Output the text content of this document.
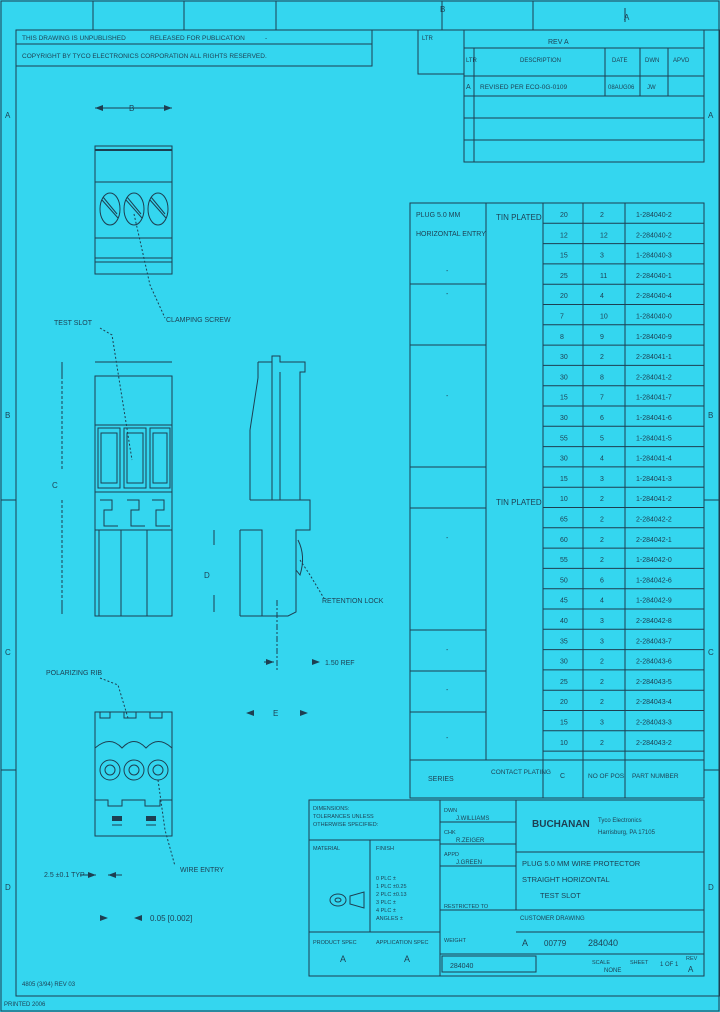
B
A
A
B
C
D
A
B
C
D
THIS DRAWING IS UNPUBLISHED	RELEASED FOR PUBLICATION	-
COPYRIGHT BY TYCO ELECTRONICS CORPORATION ALL RIGHTS RESERVED.
LTR	REV A
LTR	DESCRIPTION	DATE	DWN APVD
A REVISED PER ECO-0G-0109	08AUG06 JW
B
CLAMPING SCREW
TEST SLOT
C
RETENTION LOCK
D
1.50 REF
POLARIZING RIB
WIRE ENTRY
E
2.5 ±0.1 TYP
0.05 [0.002]
PLUG 5.0 MM
HORIZONTAL ENTRY
TIN PLATED
TIN PLATED
-
-
-
-
-
-
-
20	2	1-284040-2
12	12	2-284040-2
15	3	1-284040-3
25	11	2-284040-1
20	4	2-284040-4
7	10	1-284040-0
8	9	1-284040-9
30	2	2-284041-1
30	8	2-284041-2
15	7	1-284041-7
30	6	1-284041-6
55	5	1-284041-5
30	4	1-284041-4
15	3	1-284041-3
10	2	1-284041-2
65	2	2-284042-2
60	2	2-284042-1
55	2	1-284042-0
50	6	1-284042-6
45	4	1-284042-9
40	3	2-284042-8
35	3	2-284043-7
30	2	2-284043-6
25	2	2-284043-5
20	2	2-284043-4
15	3	2-284043-3
10	2	2-284043-2
SERIES
CONTACT PLATING
C	NO OF POS PART NUMBER
DIMENSIONS:
TOLERANCES UNLESS
OTHERWISE SPECIFIED:
MATERIAL	FINISH
0 PLC ±
1 PLC ±0.25
2 PLC ±0.13
3 PLC ±
4 PLC ±
ANGLES ±
PRODUCT SPEC	APPLICATION SPEC
A	A
DWN
J.WILLIAMS
CHK
R.ZEIGER
APPD
J.GREEN
RESTRICTED TO
WEIGHT
BUCHANAN Tyco Electronics
Harrisburg, PA 17105
PLUG 5.0 MM WIRE PROTECTOR
STRAIGHT HORIZONTAL
TEST SLOT
CUSTOMER DRAWING
A 00779 284040
284040	SCALE
NONE
SHEET 1 OF 1
REV
A
4805 (3/94) REV 03
PRINTED 2006
